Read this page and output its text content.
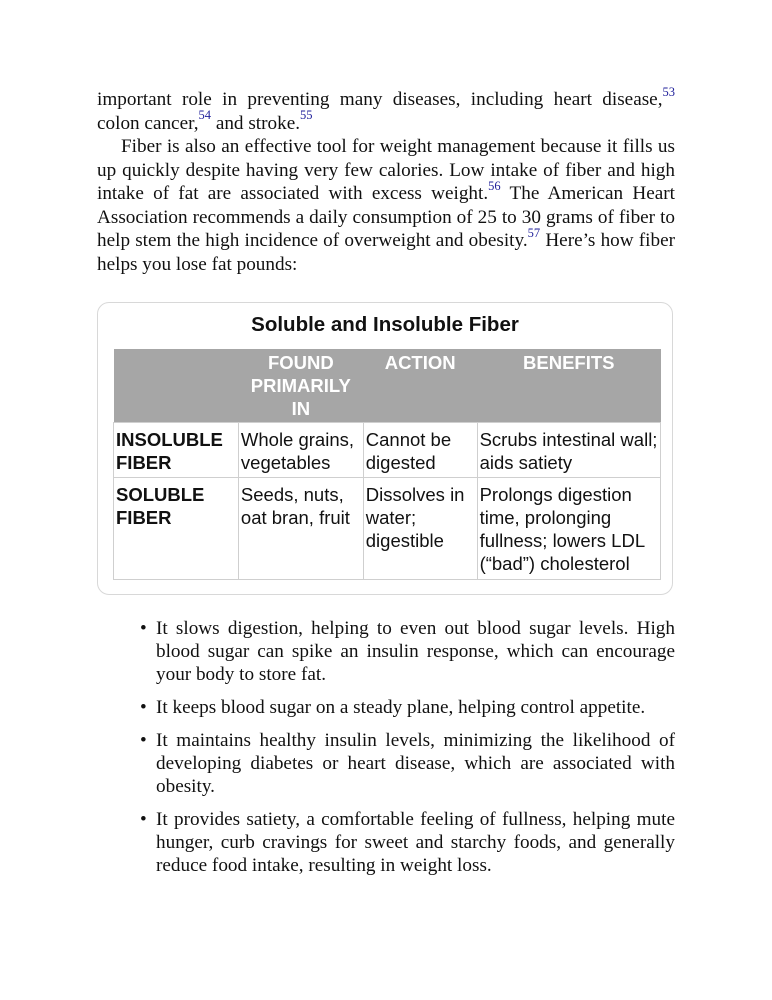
important role in preventing many diseases, including heart disease,$^{53}$ colon cancer,$^{54}$ and stroke.$^{55}$

Fiber is also an effective tool for weight management because it fills us up quickly despite having very few calories. Low intake of fiber and high intake of fat are associated with excess weight.$^{56}$ The American Heart Association recommends a daily consumption of 25 to 30 grams of fiber to help stem the high incidence of overweight and obesity.$^{57}$ Here’s how fiber helps you lose fat pounds:

Soluble and Insoluble Fiber
	FOUND PRIMARILY IN	ACTION	BENEFITS
INSOLUBLE FIBER	Whole grains, vegetables	Cannot be digested	Scrubs intestinal wall; aids satiety
SOLUBLE FIBER	Seeds, nuts, oat bran, fruit	Dissolves in water; digestible	Prolongs digestion time, prolonging fullness; lowers LDL (“bad”) cholesterol
• It slows digestion, helping to even out blood sugar levels. High blood sugar can spike an insulin response, which can encourage your body to store fat.
• It keeps blood sugar on a steady plane, helping control appetite.
• It maintains healthy insulin levels, minimizing the likelihood of developing diabetes or heart disease, which are associated with obesity.
• It provides satiety, a comfortable feeling of fullness, helping mute hunger, curb cravings for sweet and starchy foods, and generally reduce food intake, resulting in weight loss.
